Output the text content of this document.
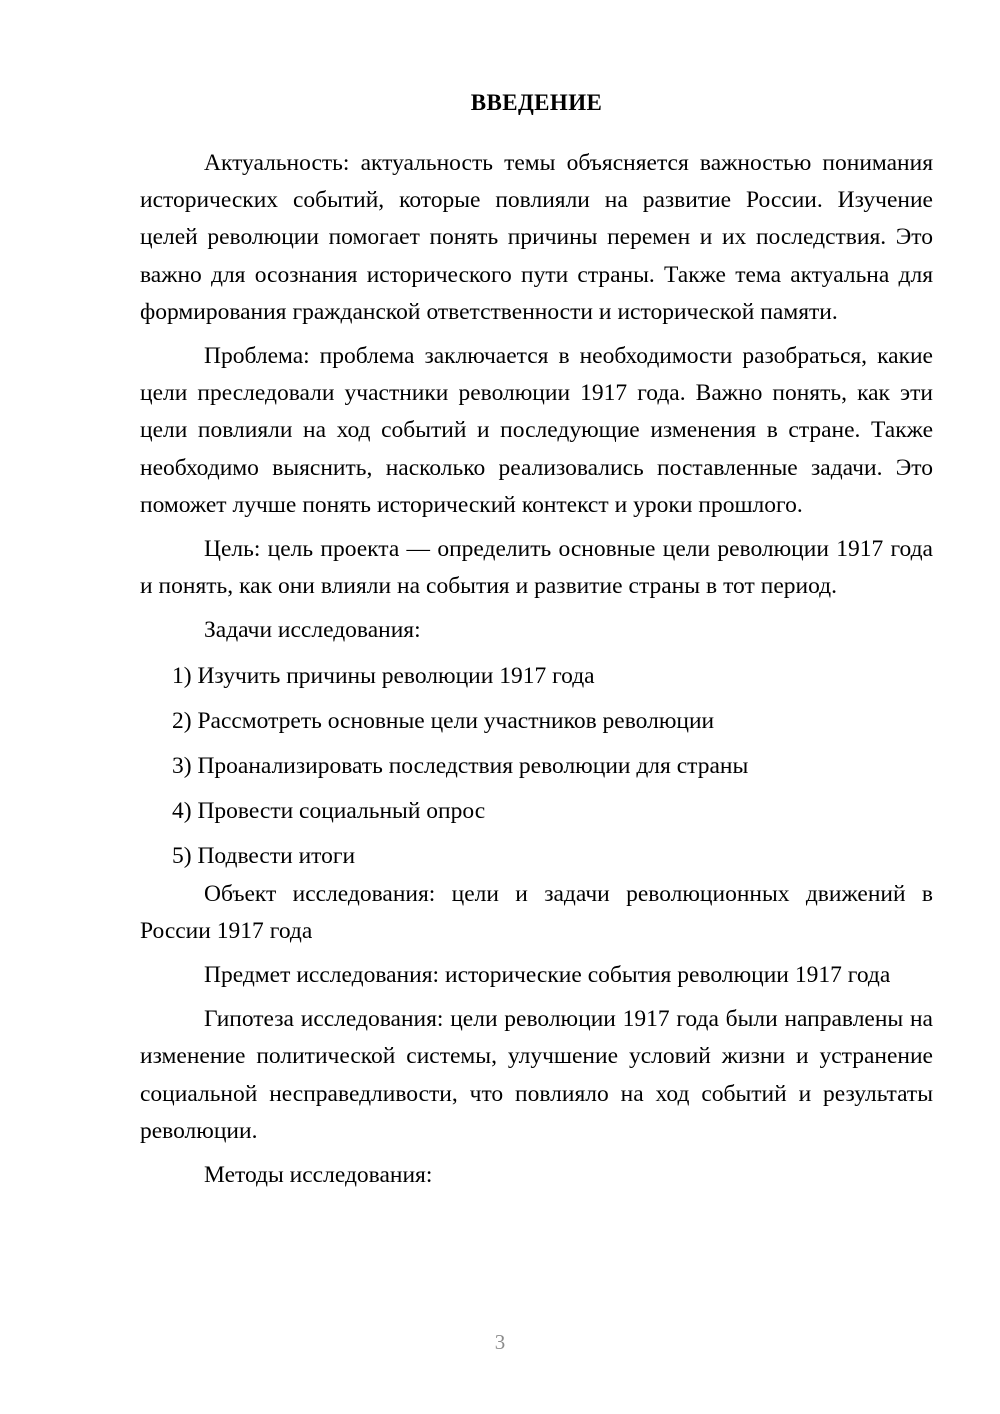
ВВЕДЕНИЕ

Актуальность: актуальность темы объясняется важностью понимания исторических событий, которые повлияли на развитие России. Изучение целей революции помогает понять причины перемен и их последствия. Это важно для осознания исторического пути страны. Также тема актуальна для формирования гражданской ответственности и исторической памяти.

Проблема: проблема заключается в необходимости разобраться, какие цели преследовали участники революции 1917 года. Важно понять, как эти цели повлияли на ход событий и последующие изменения в стране. Также необходимо выяснить, насколько реализовались поставленные задачи. Это поможет лучше понять исторический контекст и уроки прошлого.

Цель: цель проекта — определить основные цели революции 1917 года и понять, как они влияли на события и развитие страны в тот период.

Задачи исследования:

1) Изучить причины революции 1917 года
2) Рассмотреть основные цели участников революции
3) Проанализировать последствия революции для страны
4) Провести социальный опрос
5) Подвести итоги

Объект исследования: цели и задачи революционных движений в России 1917 года

Предмет исследования: исторические события революции 1917 года

Гипотеза исследования: цели революции 1917 года были направлены на изменение политической системы, улучшение условий жизни и устранение социальной несправедливости, что повлияло на ход событий и результаты революции.

Методы исследования:

3
